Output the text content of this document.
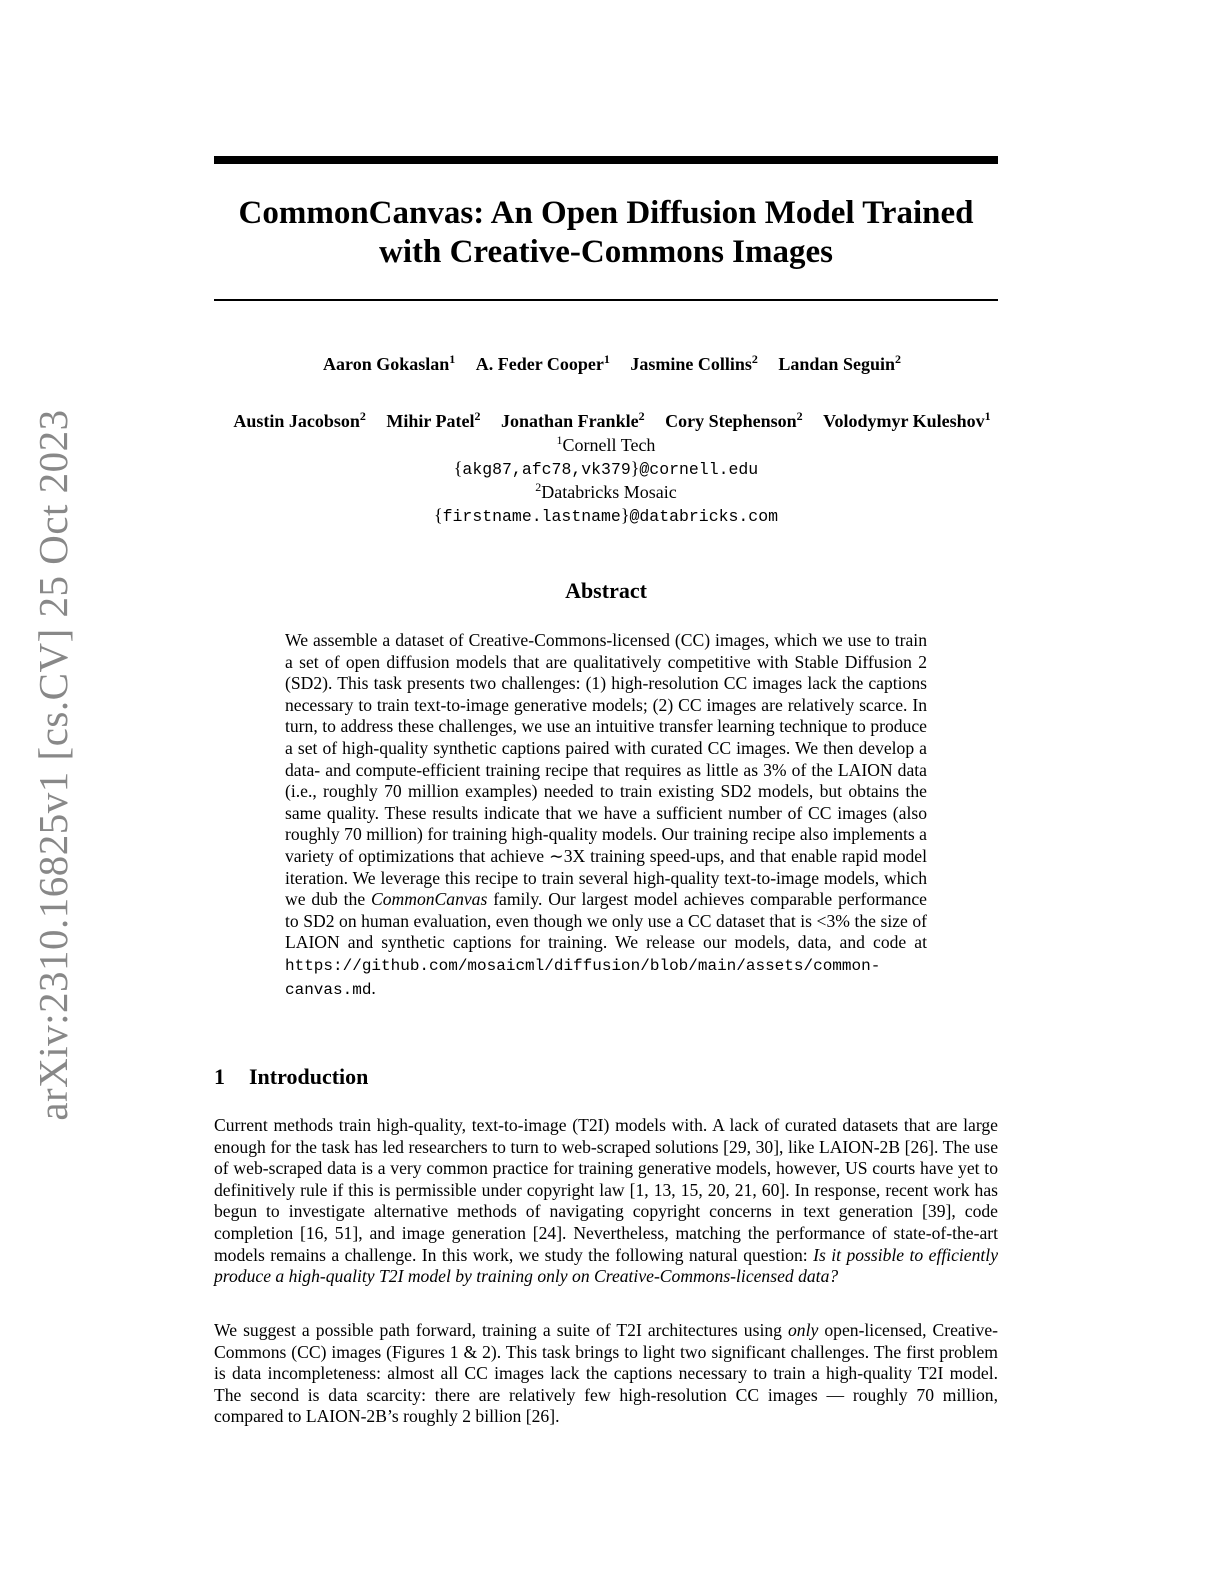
arXiv:2310.16825v1 [cs.CV] 25 Oct 2023
CommonCanvas: An Open Diffusion Model Trained
with Creative-Commons Images
Aaron Gokaslan$^1$ A. Feder Cooper$^1$ Jasmine Collins$^2$ Landan Seguin$^2$
Austin Jacobson$^2$ Mihir Patel$^2$ Jonathan Frankle$^2$ Cory Stephenson$^2$ Volodymyr Kuleshov$^1$
$^1$Cornell Tech
{akg87,afc78,vk379}@cornell.edu
$^2$Databricks Mosaic
{firstname.lastname}@databricks.com
Abstract
We assemble a dataset of Creative-Commons-licensed (CC) images, which we use to train a set of open diffusion models that are qualitatively competitive with Stable Diffusion 2 (SD2). This task presents two challenges: (1) high-resolution CC images lack the captions necessary to train text-to-image generative models; (2) CC images are relatively scarce. In turn, to address these challenges, we use an intuitive transfer learning technique to produce a set of high-quality synthetic captions paired with curated CC images. We then develop a data- and compute-efficient training recipe that requires as little as 3% of the LAION data (i.e., roughly 70 million examples) needed to train existing SD2 models, but obtains the same quality. These results indicate that we have a sufficient number of CC images (also roughly 70 million) for training high-quality models. Our training recipe also implements a variety of optimizations that achieve ∼3X training speed-ups, and that enable rapid model iteration. We leverage this recipe to train several high-quality text-to-image models, which we dub the CommonCanvas family. Our largest model achieves comparable performance to SD2 on human evaluation, even though we only use a CC dataset that is <3% the size of LAION and synthetic captions for training. We release our models, data, and code at https://github.com/mosaicml/diffusion/blob/main/assets/common-canvas.md.
1 Introduction
Current methods train high-quality, text-to-image (T2I) models with. A lack of curated datasets that are large enough for the task has led researchers to turn to web-scraped solutions [29, 30], like LAION-2B [26]. The use of web-scraped data is a very common practice for training generative models, however, US courts have yet to definitively rule if this is permissible under copyright law [1, 13, 15, 20, 21, 60]. In response, recent work has begun to investigate alternative methods of navigating copyright concerns in text generation [39], code completion [16, 51], and image generation [24]. Nevertheless, matching the performance of state-of-the-art models remains a challenge. In this work, we study the following natural question: Is it possible to efficiently produce a high-quality T2I model by training only on Creative-Commons-licensed data?
We suggest a possible path forward, training a suite of T2I architectures using only open-licensed, Creative-Commons (CC) images (Figures 1 & 2). This task brings to light two significant challenges. The first problem is data incompleteness: almost all CC images lack the captions necessary to train a high-quality T2I model. The second is data scarcity: there are relatively few high-resolution CC images — roughly 70 million, compared to LAION-2B’s roughly 2 billion [26].
